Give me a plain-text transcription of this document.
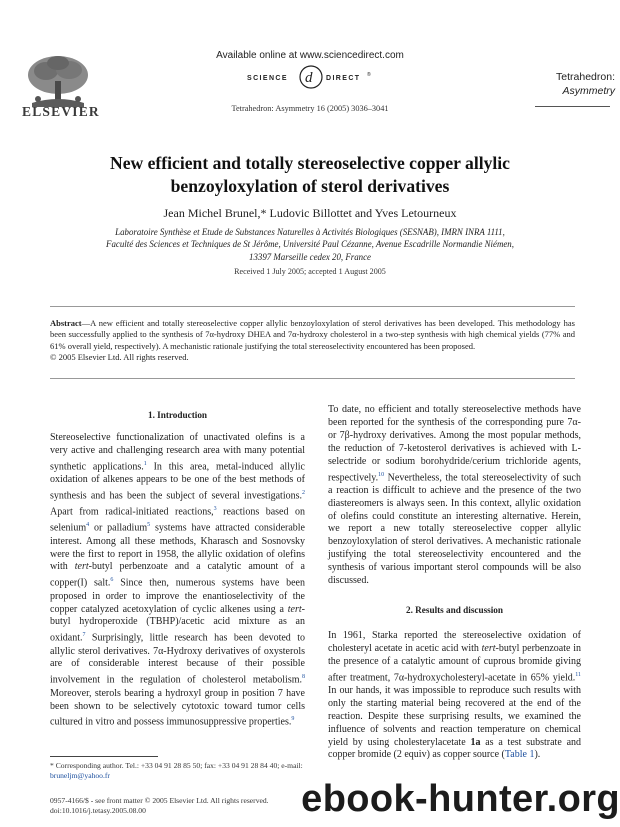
ELSEVIER
Available online at www.sciencedirect.com
SCIENCE d DIRECT ®
Tetrahedron: Asymmetry 16 (2005) 3036–3041
Tetrahedron:
Asymmetry
New efficient and totally stereoselective copper allylic
benzoyloxylation of sterol derivatives
Jean Michel Brunel,* Ludovic Billottet and Yves Letourneux
Laboratoire Synthèse et Etude de Substances Naturelles à Activités Biologiques (SESNAB), IMRN INRA 1111,
Faculté des Sciences et Techniques de St Jérôme, Université Paul Cézanne, Avenue Escadrille Normandie Niémen,
13397 Marseille cedex 20, France
Received 1 July 2005; accepted 1 August 2005
Abstract—A new efficient and totally stereoselective copper allylic benzoyloxylation of sterol derivatives has been developed. This methodology has been successfully applied to the synthesis of 7α-hydroxy DHEA and 7α-hydroxy cholesterol in a two-step synthesis with high chemical yields (77% and 61% overall yield, respectively). A mechanistic rationale justifying the total stereoselectivity encountered has been proposed.
© 2005 Elsevier Ltd. All rights reserved.
1. Introduction

Stereoselective functionalization of unactivated olefins is a very active and challenging research area with many potential synthetic applications.$^1$ In this area, metal-induced allylic oxidation of alkenes appears to be one of the best methods of synthesis and has been the subject of several investigations.$^2$ Apart from radical-initiated reactions,$^3$ reactions based on selenium$^4$ or palladium$^5$ systems have attracted considerable interest. Among all these methods, Kharasch and Sosnovsky were the first to report in 1958, the allylic oxidation of olefins with tert-butyl perbenzoate and a catalytic amount of a copper(I) salt.$^6$ Since then, numerous systems have been proposed in order to improve the enantioselectivity of the copper catalyzed acetoxylation of cyclic alkenes using a tert-butyl hydroperoxide (TBHP)/acetic acid mixture as an oxidant.$^7$ Surprisingly, little research has been devoted to allylic sterol derivatives. 7α-Hydroxy derivatives of oxysterols are of considerable interest because of their possible involvement in the regulation of cholesterol metabolism.$^8$ Moreover, sterols bearing a hydroxyl group in position 7 have been shown to be selectively cytotoxic toward tumor cells cultured in vitro and possess immunosuppressive properties.$^9$

* Corresponding author. Tel.: +33 04 91 28 85 50; fax: +33 04 91 28 84 40; e-mail: bruneljm@yahoo.fr
0957-4166/$ - see front matter © 2005 Elsevier Ltd. All rights reserved.
doi:10.1016/j.tetasy.2005.08.00

To date, no efficient and totally stereoselective methods have been reported for the synthesis of the corresponding pure 7α- or 7β-hydroxy derivatives. Among the most popular methods, the reduction of 7-ketosterol derivatives is achieved with L-selectride or sodium borohydride/cerium trichloride agents, respectively.$^{10}$ Nevertheless, the total stereoselectivity of such a reaction is difficult to achieve and the presence of the two diastereomers is always seen. In this context, allylic oxidation of olefins could constitute an interesting alternative. Herein, we report a new totally stereoselective copper allylic benzoyloxylation of sterol derivatives. A mechanistic rationale justifying the total stereoselectivity encountered and the synthesis of various important sterol compounds will be also discussed.

2. Results and discussion

In 1961, Starka reported the stereoselective oxidation of cholesteryl acetate in acetic acid with tert-butyl perbenzoate in the presence of a catalytic amount of cuprous bromide giving after treatment, 7α-hydroxycholesteryl-acetate in 65% yield.$^{11}$ In our hands, it was impossible to reproduce such results with only the starting material being recovered at the end of the reaction. Despite these surprising results, we examined the influence of solvents and reaction temperature on chemical yield by using cholesterylacetate 1a as a test substrate and copper bromide (2 equiv) as copper source (Table 1).

ebook-hunter.org
